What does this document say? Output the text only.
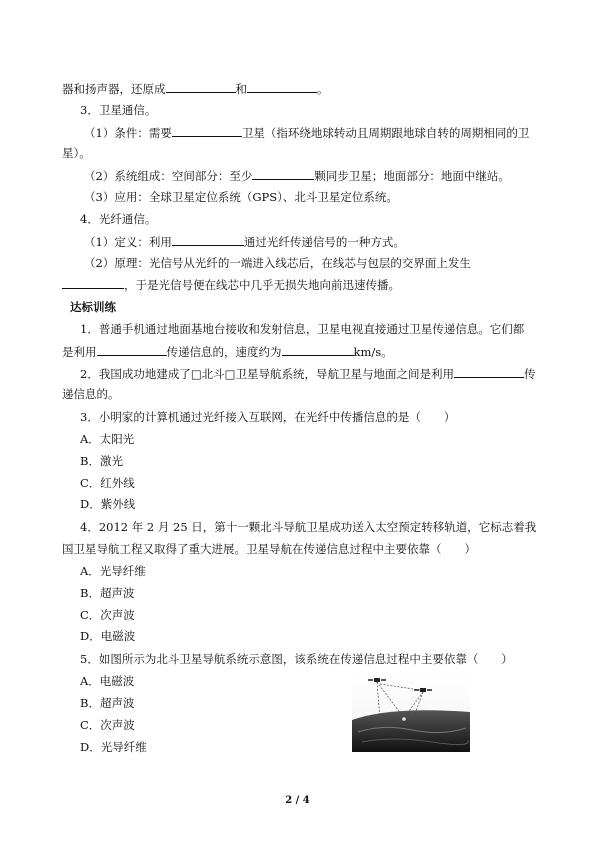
器和扬声器，还原成	和	。
3．卫星通信。
（1）条件：需要	卫星（指环绕地球转动且周期跟地球自转的周期相同的卫
星）。
（2）系统组成：空间部分：至少	颗同步卫星；地面部分：地面中继站。
（3）应用：全球卫星定位系统（GPS）、北斗卫星定位系统。
4．光纤通信。
（1）定义：利用	通过光纤传递信号的一种方式。
（2）原理：光信号从光纤的一端进入线芯后，在线芯与包层的交界面上发生
，于是光信号便在线芯中几乎无损失地向前迅速传播。
达标训练
1．普通手机通过地面基地台接收和发射信息，卫星电视直接通过卫星传递信息。它们都
是利用	传递信息的，速度约为	km/s。
2．我国成功地建成了□北斗□卫星导航系统，导航卫星与地面之间是利用	传
递信息的。
3．小明家的计算机通过光纤接入互联网，在光纤中传播信息的是（　　）
A．太阳光
B．激光
C．红外线
D．紫外线
4．2012 年 2 月 25 日，第十一颗北斗导航卫星成功送入太空预定转移轨道，它标志着我
国卫星导航工程又取得了重大进展。卫星导航在传递信息过程中主要依靠（　　）
A．光导纤维
B．超声波
C．次声波
D．电磁波
5．如图所示为北斗卫星导航系统示意图，该系统在传递信息过程中主要依靠（　　）
A．电磁波
B．超声波
C．次声波
D．光导纤维
2 / 4
